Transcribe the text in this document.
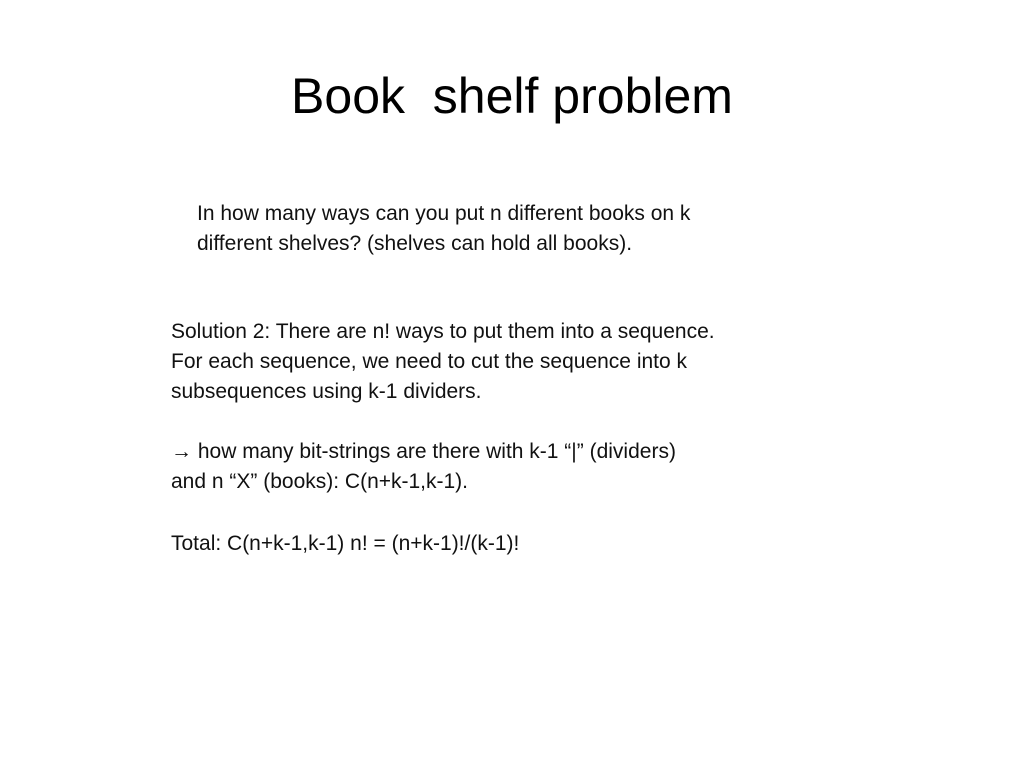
Book  shelf problem

In how many ways can you put n different books on k

different shelves? (shelves can hold all books).

Solution 2: There are n! ways to put them into a sequence.

For each sequence, we need to cut the sequence into k

subsequences using k-1 dividers.

→ how many bit-strings are there with k-1 “|” (dividers)

and n “X” (books): C(n+k-1,k-1).

Total: C(n+k-1,k-1) n! = (n+k-1)!/(k-1)!
